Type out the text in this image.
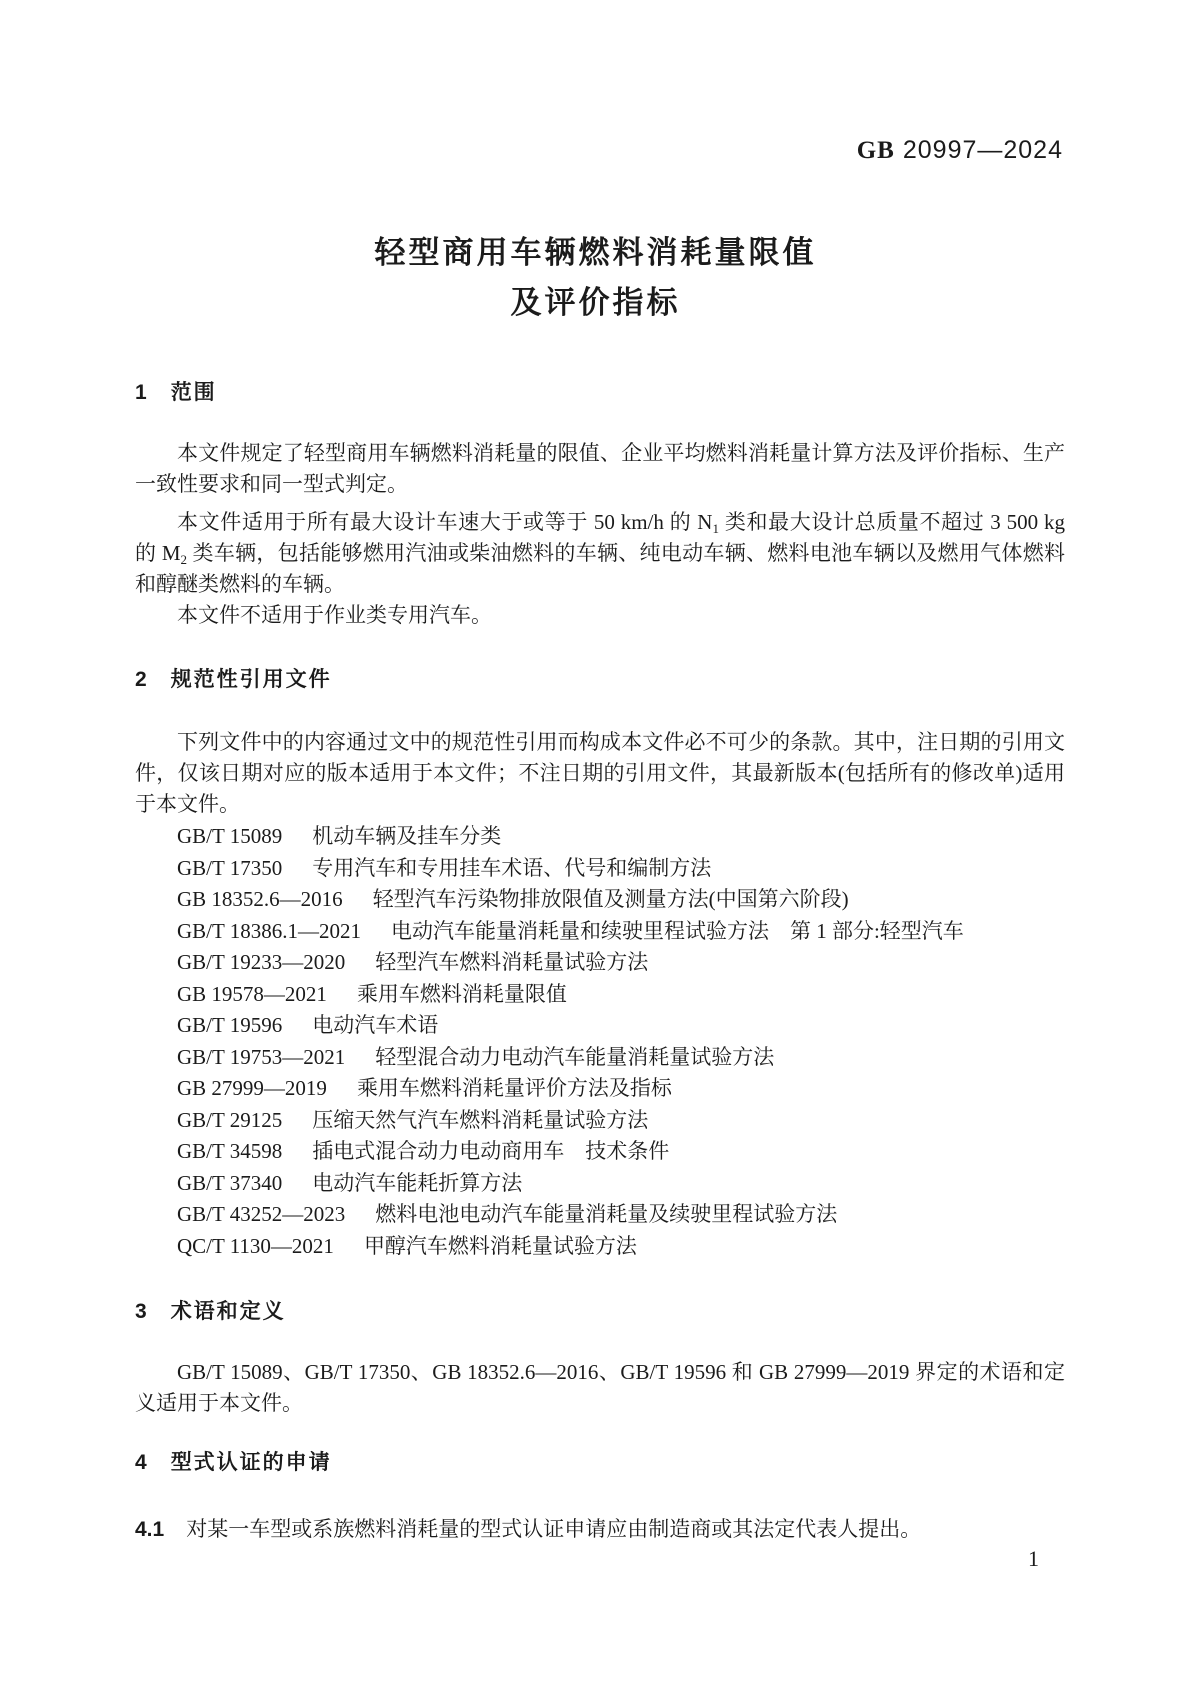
GB 20997—2024
轻型商用车辆燃料消耗量限值
及评价指标
1 范围
本文件规定了轻型商用车辆燃料消耗量的限值、企业平均燃料消耗量计算方法及评价指标、生产一致性要求和同一型式判定。
本文件适用于所有最大设计车速大于或等于 50 km/h 的 $N_1$ 类和最大设计总质量不超过 3 500 kg 的 $M_2$ 类车辆，包括能够燃用汽油或柴油燃料的车辆、纯电动车辆、燃料电池车辆以及燃用气体燃料和醇醚类燃料的车辆。
本文件不适用于作业类专用汽车。
2 规范性引用文件
下列文件中的内容通过文中的规范性引用而构成本文件必不可少的条款。其中，注日期的引用文件，仅该日期对应的版本适用于本文件；不注日期的引用文件，其最新版本(包括所有的修改单)适用于本文件。
GB/T 15089 机动车辆及挂车分类
GB/T 17350 专用汽车和专用挂车术语、代号和编制方法
GB 18352.6—2016 轻型汽车污染物排放限值及测量方法(中国第六阶段)
GB/T 18386.1—2021 电动汽车能量消耗量和续驶里程试验方法　第 1 部分:轻型汽车
GB/T 19233—2020 轻型汽车燃料消耗量试验方法
GB 19578—2021 乘用车燃料消耗量限值
GB/T 19596 电动汽车术语
GB/T 19753—2021 轻型混合动力电动汽车能量消耗量试验方法
GB 27999—2019 乘用车燃料消耗量评价方法及指标
GB/T 29125 压缩天然气汽车燃料消耗量试验方法
GB/T 34598 插电式混合动力电动商用车　技术条件
GB/T 37340 电动汽车能耗折算方法
GB/T 43252—2023 燃料电池电动汽车能量消耗量及续驶里程试验方法
QC/T 1130—2021 甲醇汽车燃料消耗量试验方法
3 术语和定义
GB/T 15089、GB/T 17350、GB 18352.6—2016、GB/T 19596 和 GB 27999—2019 界定的术语和定义适用于本文件。
4 型式认证的申请
4.1 对某一车型或系族燃料消耗量的型式认证申请应由制造商或其法定代表人提出。
1
